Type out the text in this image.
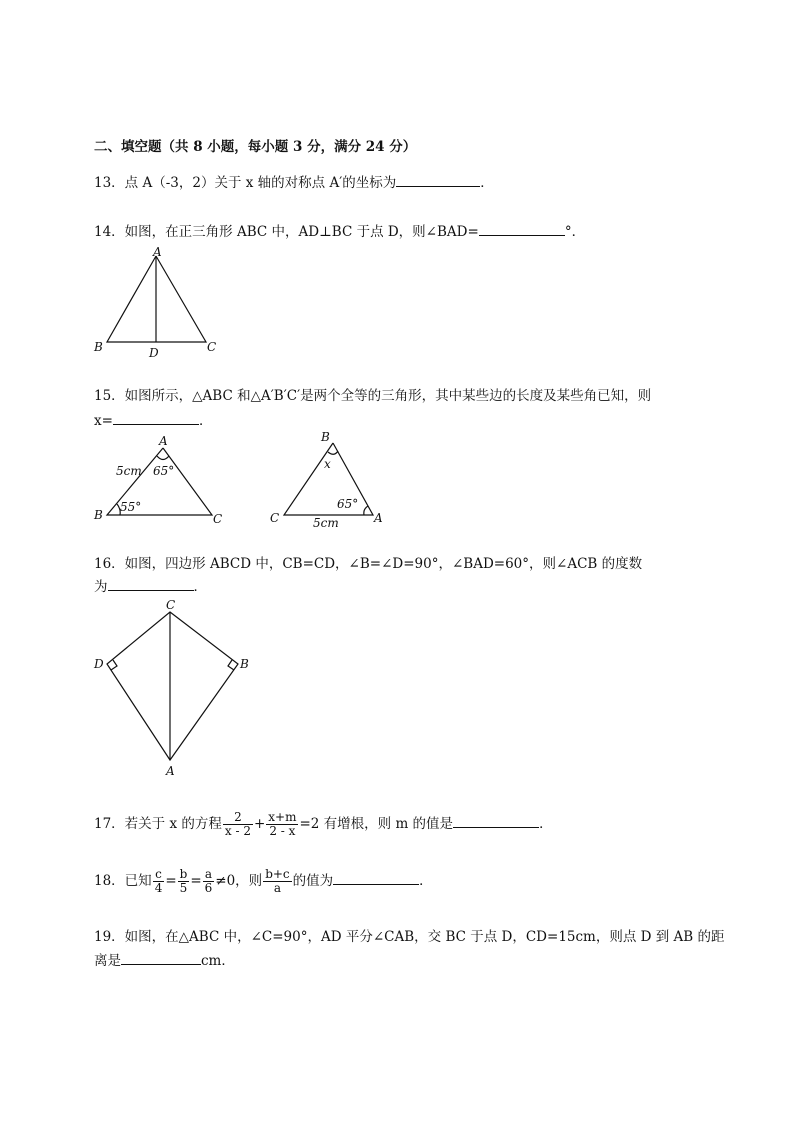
二、填空题（共 8 小题，每小题 3 分，满分 24 分）
13．点 A（-3，2）关于 x 轴的对称点 A′的坐标为	．
14．如图，在正三角形 ABC 中，AD⊥BC 于点 D，则∠BAD=	°．
A
B	D	C
15．如图所示，△ABC 和△A′B′C′是两个全等的三角形，其中某些边的长度及某些角已知，则
x=	．
A
B	C
5cm 65°
55°
B
C	A
x
65°
5cm
16．如图，四边形 ABCD 中，CB=CD，∠B=∠D=90°，∠BAD=60°，则∠ACB 的度数
为	．
C
D	B
A
17．若关于 x 的方程 $\frac{2}{x - 2} + \frac{x+m}{2 - x} =2$ 有增根，则 m 的值是	．
18．已知 $\frac{c}{4} = \frac{b}{5} = \frac{a}{6} \ne 0$，则 $\frac{b+c}{a}$ 的值为	．
19．如图，在△ABC 中，∠C=90°，AD 平分∠CAB，交 BC 于点 D，CD=15cm，则点 D 到 AB 的距
离是	cm．
